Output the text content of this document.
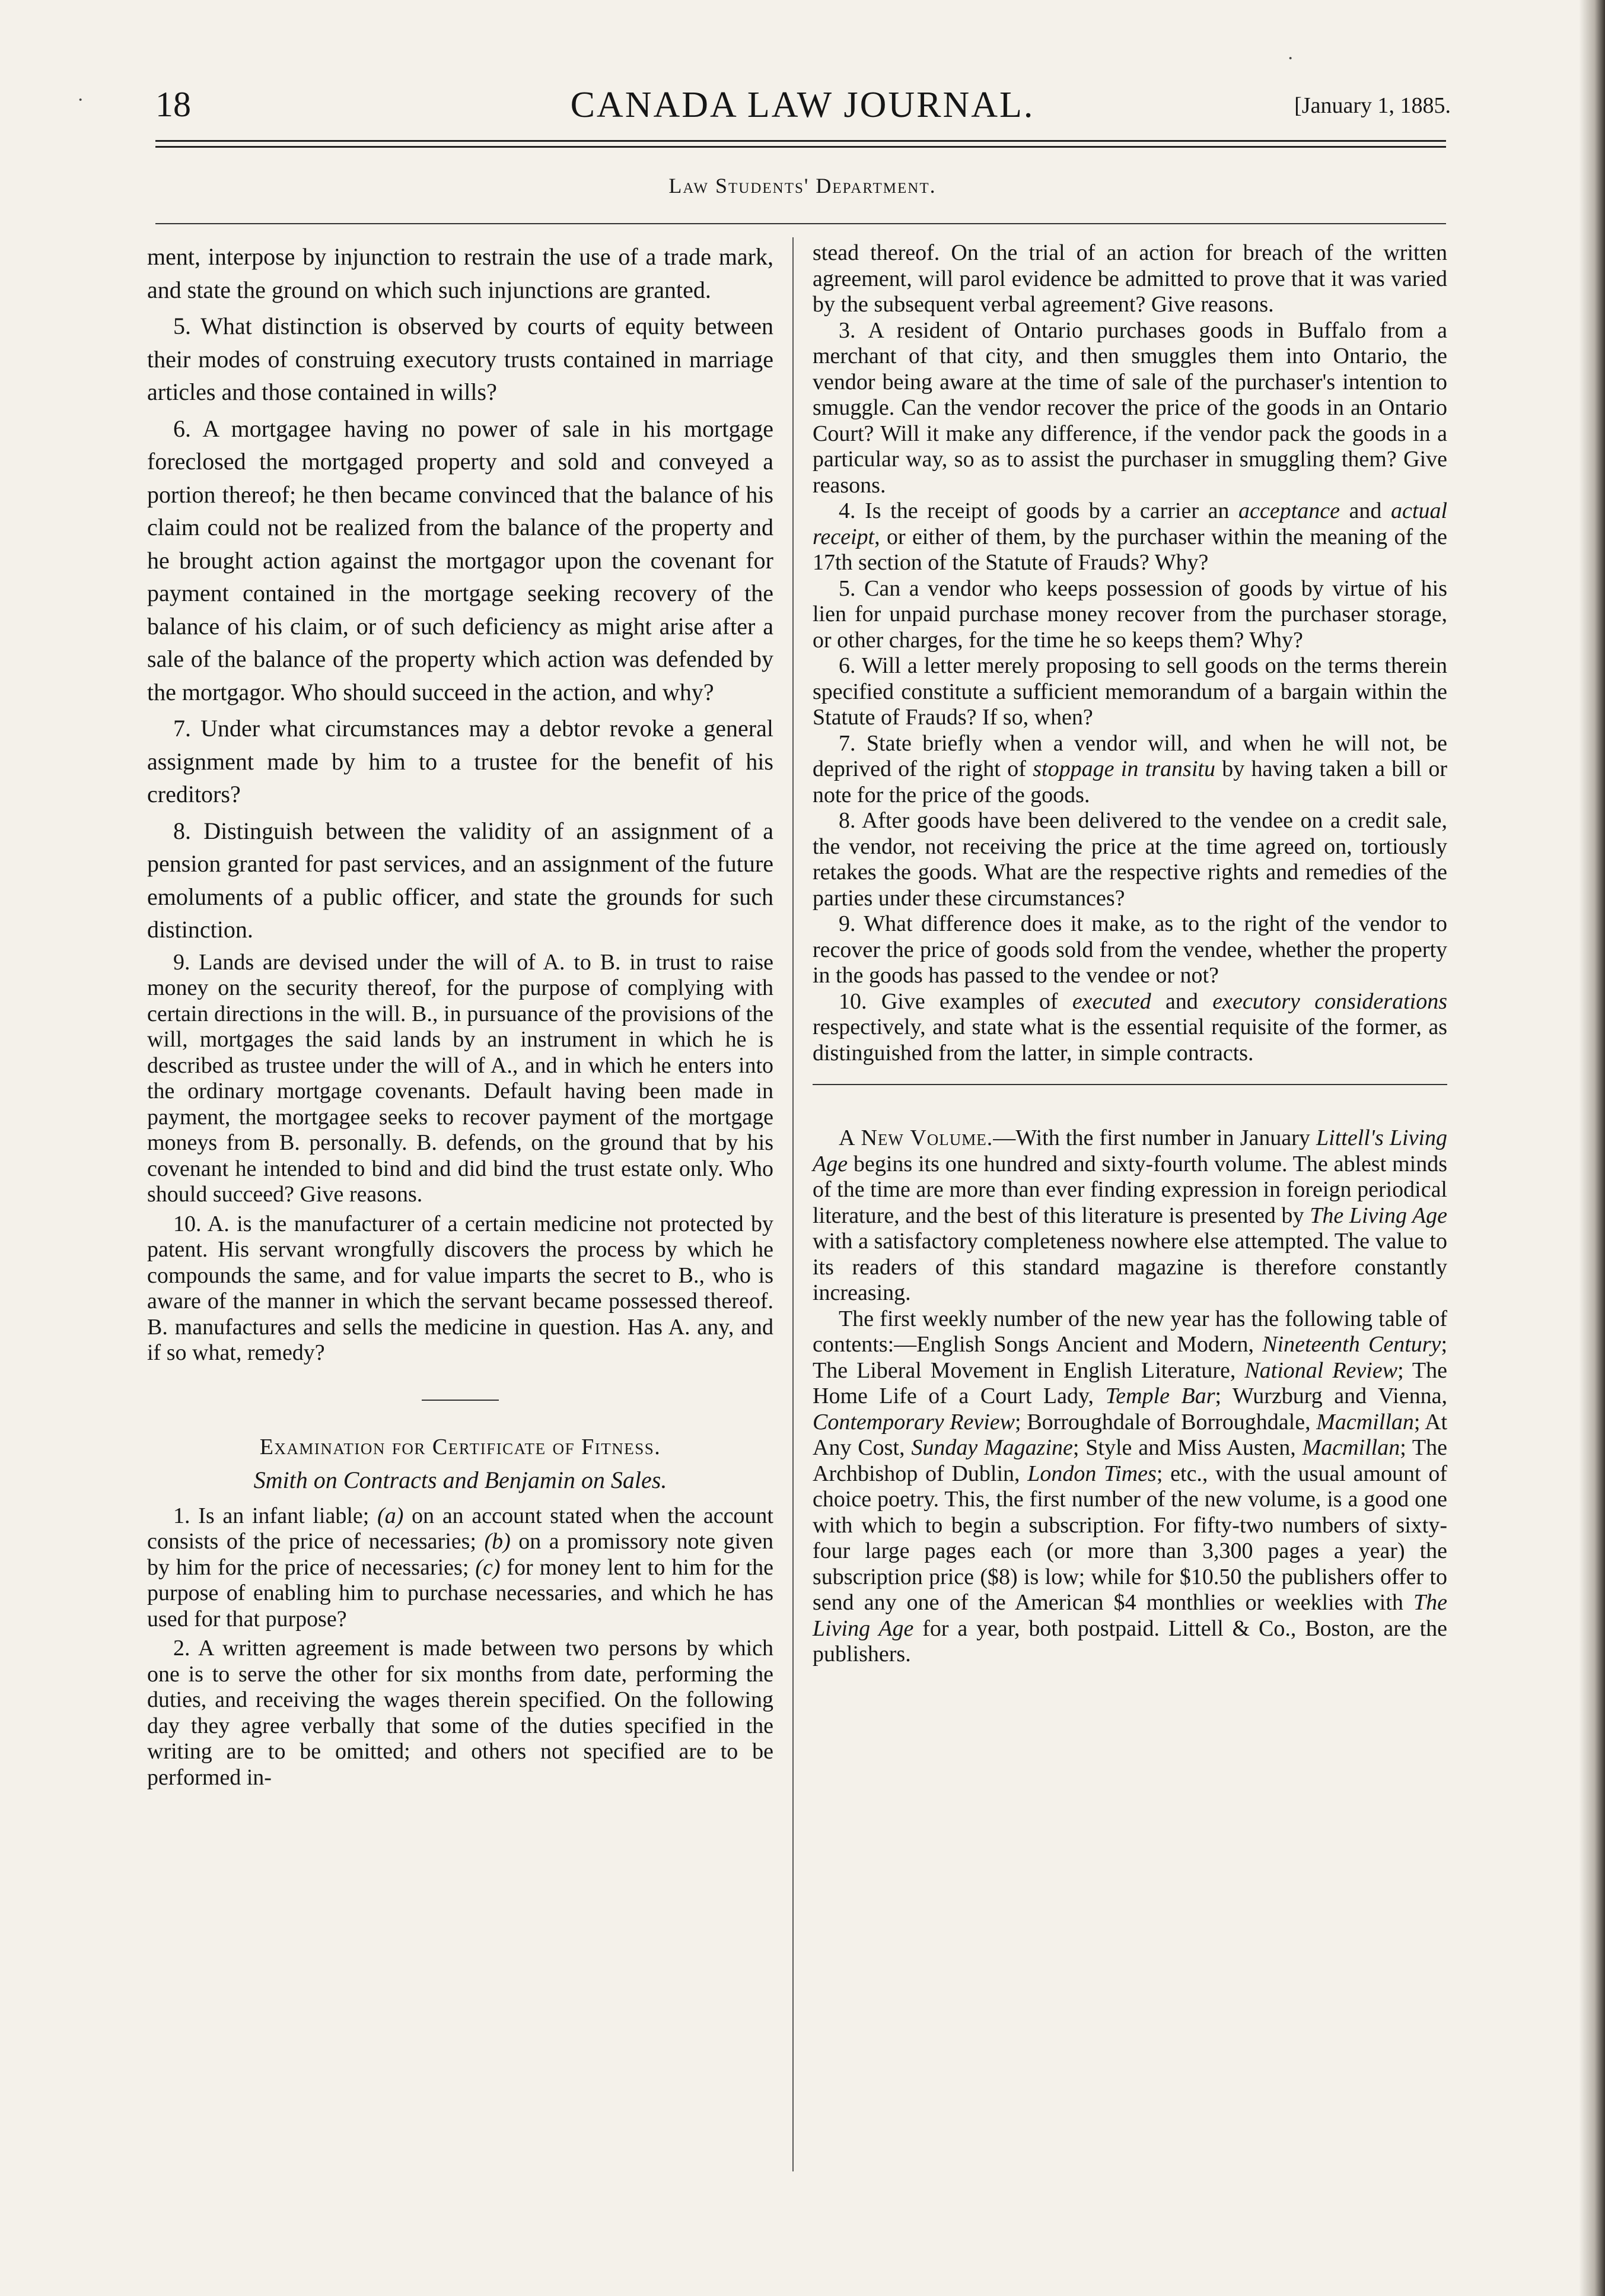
18	CANADA LAW JOURNAL.	[January 1, 1885.
Law Students' Department.

ment, interpose by injunction to restrain the use of a trade mark, and state the ground on which such injunctions are granted.

5. What distinction is observed by courts of equity between their modes of construing executory trusts contained in marriage articles and those contained in wills?

6. A mortgagee having no power of sale in his mortgage foreclosed the mortgaged property and sold and conveyed a portion thereof; he then became convinced that the balance of his claim could not be realized from the balance of the property and he brought action against the mortgagor upon the covenant for payment contained in the mortgage seeking recovery of the balance of his claim, or of such deficiency as might arise after a sale of the balance of the property which action was defended by the mortgagor. Who should succeed in the action, and why?

7. Under what circumstances may a debtor revoke a general assignment made by him to a trustee for the benefit of his creditors?

8. Distinguish between the validity of an assignment of a pension granted for past services, and an assignment of the future emoluments of a public officer, and state the grounds for such distinction.

9. Lands are devised under the will of A. to B. in trust to raise money on the security thereof, for the purpose of complying with certain directions in the will. B., in pursuance of the provisions of the will, mortgages the said lands by an instrument in which he is described as trustee under the will of A., and in which he enters into the ordinary mortgage covenants. Default having been made in payment, the mortgagee seeks to recover payment of the mortgage moneys from B. personally. B. defends, on the ground that by his covenant he intended to bind and did bind the trust estate only. Who should succeed? Give reasons.

10. A. is the manufacturer of a certain medicine not protected by patent. His servant wrongfully discovers the process by which he compounds the same, and for value imparts the secret to B., who is aware of the manner in which the servant became possessed thereof. B. manufactures and sells the medicine in question. Has A. any, and if so what, remedy?

Examination for Certificate of Fitness.

Smith on Contracts and Benjamin on Sales.

1. Is an infant liable; (a) on an account stated when the account consists of the price of necessaries; (b) on a promissory note given by him for the price of necessaries; (c) for money lent to him for the purpose of enabling him to purchase necessaries, and which he has used for that purpose?

2. A written agreement is made between two persons by which one is to serve the other for six months from date, performing the duties, and receiving the wages therein specified. On the following day they agree verbally that some of the duties specified in the writing are to be omitted; and others not specified are to be performed in-

stead thereof. On the trial of an action for breach of the written agreement, will parol evidence be admitted to prove that it was varied by the subsequent verbal agreement? Give reasons.

3. A resident of Ontario purchases goods in Buffalo from a merchant of that city, and then smuggles them into Ontario, the vendor being aware at the time of sale of the purchaser's intention to smuggle. Can the vendor recover the price of the goods in an Ontario Court? Will it make any difference, if the vendor pack the goods in a particular way, so as to assist the purchaser in smuggling them? Give reasons.

4. Is the receipt of goods by a carrier an acceptance and actual receipt, or either of them, by the purchaser within the meaning of the 17th section of the Statute of Frauds? Why?

5. Can a vendor who keeps possession of goods by virtue of his lien for unpaid purchase money recover from the purchaser storage, or other charges, for the time he so keeps them? Why?

6. Will a letter merely proposing to sell goods on the terms therein specified constitute a sufficient memorandum of a bargain within the Statute of Frauds? If so, when?

7. State briefly when a vendor will, and when he will not, be deprived of the right of stoppage in transitu by having taken a bill or note for the price of the goods.

8. After goods have been delivered to the vendee on a credit sale, the vendor, not receiving the price at the time agreed on, tortiously retakes the goods. What are the respective rights and remedies of the parties under these circumstances?

9. What difference does it make, as to the right of the vendor to recover the price of goods sold from the vendee, whether the property in the goods has passed to the vendee or not?

10. Give examples of executed and executory considerations respectively, and state what is the essential requisite of the former, as distinguished from the latter, in simple contracts.

A New Volume.—With the first number in January Littell's Living Age begins its one hundred and sixty-fourth volume. The ablest minds of the time are more than ever finding expression in foreign periodical literature, and the best of this literature is presented by The Living Age with a satisfactory completeness nowhere else attempted. The value to its readers of this standard magazine is therefore constantly increasing.

The first weekly number of the new year has the following table of contents:—English Songs Ancient and Modern, Nineteenth Century; The Liberal Movement in English Literature, National Review; The Home Life of a Court Lady, Temple Bar; Wurzburg and Vienna, Contemporary Review; Borroughdale of Borroughdale, Macmillan; At Any Cost, Sunday Magazine; Style and Miss Austen, Macmillan; The Archbishop of Dublin, London Times; etc., with the usual amount of choice poetry. This, the first number of the new volume, is a good one with which to begin a subscription. For fifty-two numbers of sixty-four large pages each (or more than 3,300 pages a year) the subscription price ($8) is low; while for $10.50 the publishers offer to send any one of the American $4 monthlies or weeklies with The Living Age for a year, both postpaid. Littell & Co., Boston, are the publishers.

·
·
